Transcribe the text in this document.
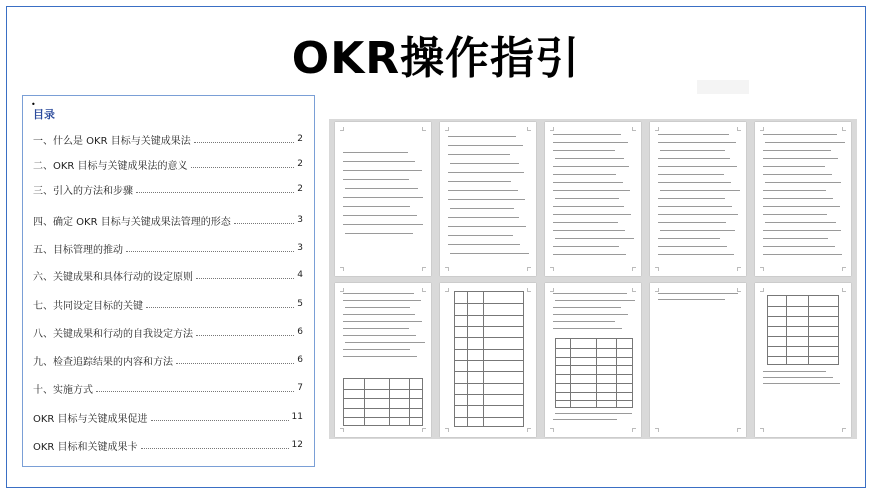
OKR操作指引
•
目录
一、什么是 OKR 目标与关键成果法	2
二、OKR 目标与关键成果法的意义	2
三、引入的方法和步骤	2
四、确定 OKR 目标与关键成果法管理的形态	3
五、目标管理的推动	3
六、关键成果和具体行动的设定原则	4
七、共同设定目标的关键	5
八、关键成果和行动的自我设定方法	6
九、检查追踪结果的内容和方法	6
十、实施方式	7
OKR 目标与关键成果促进	11
OKR 目标和关键成果卡	12
